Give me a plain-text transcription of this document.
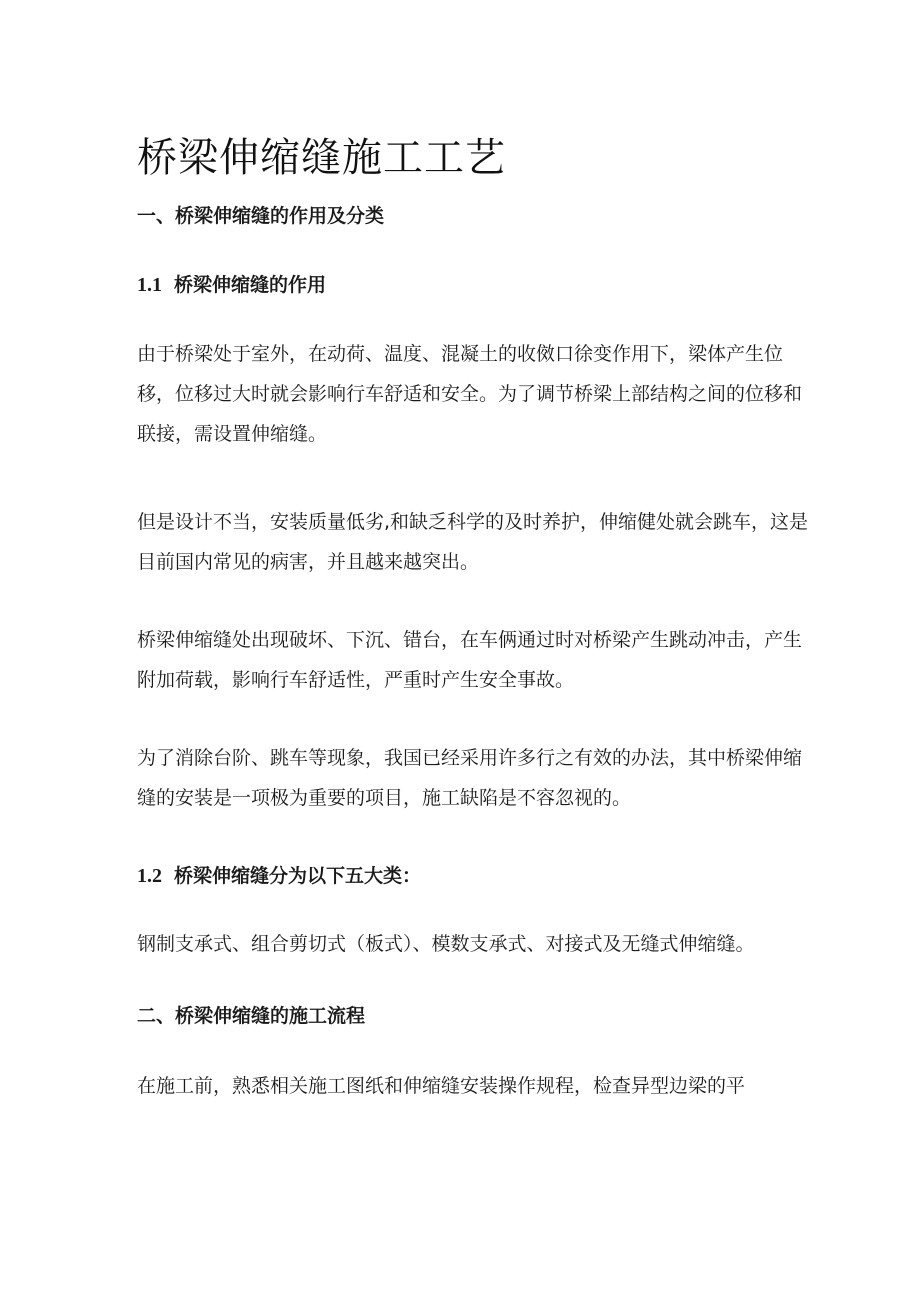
桥梁伸缩缝施工工艺
一、桥梁伸缩缝的作用及分类
1.1 桥梁伸缩缝的作用

由于桥梁处于室外，在动荷、温度、混凝土的收傚口徐变作用下，梁体产生位移，位移过大时就会影响行车舒适和安全。为了调节桥梁上部结构之间的位移和联接，需设置伸缩缝。

但是设计不当，安装质量低劣,和缺乏科学的及时养护，伸缩健处就会跳车，这是目前国内常见的病害，并且越来越突出。

桥梁伸缩缝处出现破坏、下沉、错台，在车俩通过时对桥梁产生跳动冲击，产生附加荷载，影响行车舒适性，严重时产生安全事故。

为了消除台阶、跳车等现象，我国已经采用许多行之有效的办法，其中桥梁伸缩缝的安装是一项极为重要的项目，施工缺陷是不容忽视的。

1.2 桥梁伸缩缝分为以下五大类：

钢制支承式、组合剪切式（板式）、模数支承式、对接式及无缝式伸缩缝。

二、桥梁伸缩缝的施工流程

在施工前，熟悉相关施工图纸和伸缩缝安装操作规程，检查异型边梁的平
